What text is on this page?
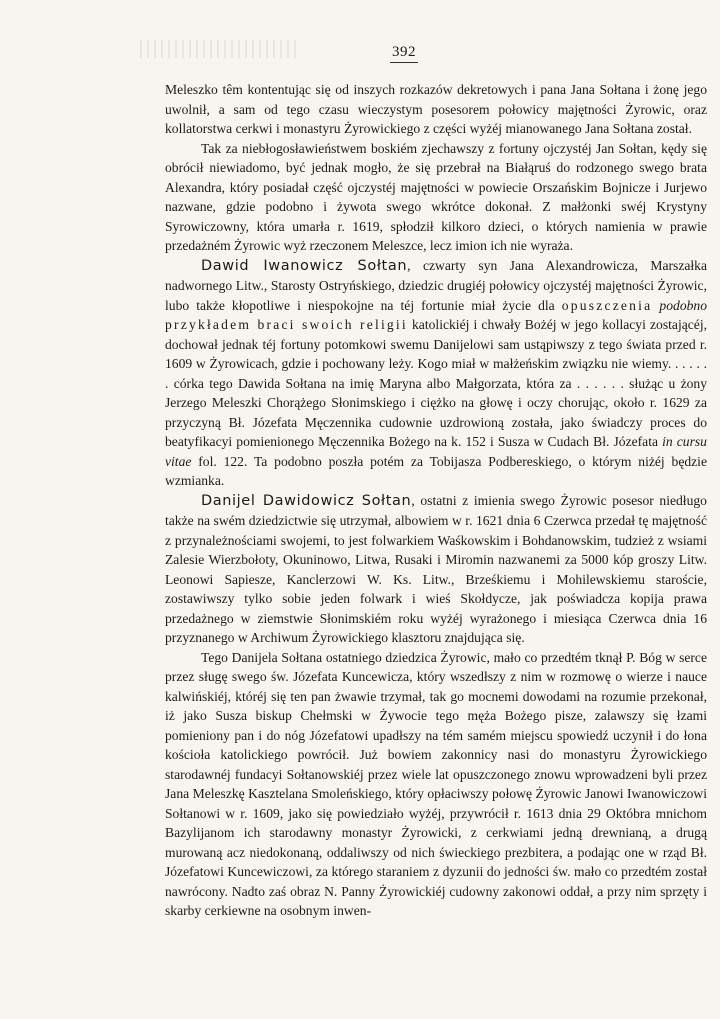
392

Meleszko têm kontentując się od inszych rozkazów dekretowych i pana Jana Sołtana i żonę jego uwolnił, a sam od tego czasu wieczystym posesorem połowicy majętności Żyrowic, oraz kollatorstwa cerkwi i monastyru Żyrowickiego z części wyżéj mianowanego Jana Sołtana został.

Tak za niebłogosławieństwem boskiém zjechawszy z fortuny ojczystéj Jan Sołtan, kędy się obrócił niewiadomo, być jednak mogło, że się przebrał na Białąruś do rodzonego swego brata Alexandra, który posiadał część ojczystéj majętności w powiecie Orszańskim Bojnicze i Jurjewo nazwane, gdzie podobno i żywota swego wkrótce dokonał. Z małżonki swéj Krystyny Syrowiczowny, która umarła r. 1619, spłodził kilkoro dzieci, o których namienia w prawie przedażném Żyrowic wyż rzeczonem Meleszce, lecz imion ich nie wyraża.

Dawid Iwanowicz Sołtan, czwarty syn Jana Alexandrowicza, Marszałka nadwornego Litw., Starosty Ostryńskiego, dziedzic drugiéj połowicy ojczystéj majętności Żyrowic, lubo także kłopotliwe i niespokojne na téj fortunie miał życie dla opuszczenia podobno przykładem braci swoich religii katolickiéj i chwały Bożéj w jego kollacyi zostającéj, dochował jednak téj fortuny potomkowi swemu Danijelowi sam ustąpiwszy z tego świata przed r. 1609 w Żyrowicach, gdzie i pochowany leży. Kogo miał w małżeńskim związku nie wiemy. . . . . . . córka tego Dawida Sołtana na imię Maryna albo Małgorzata, która za . . . . . . służąc u żony Jerzego Meleszki Chorążego Słonimskiego i ciężko na głowę i oczy chorując, około r. 1629 za przyczyną Bł. Józefata Męczennika cudownie uzdrowioną została, jako świadczy proces do beatyfikacyi pomienionego Męczennika Bożego na k. 152 i Susza w Cudach Bł. Józefata in cursu vitae fol. 122. Ta podobno poszła potém za Tobijasza Podbereskiego, o którym niżéj będzie wzmianka.

Danijel Dawidowicz Sołtan, ostatni z imienia swego Żyrowic posesor niedługo także na swém dziedzictwie się utrzymał, albowiem w r. 1621 dnia 6 Czerwca przedał tę majętność z przynależnościami swojemi, to jest folwarkiem Waśkowskim i Bohdanowskim, tudzież z wsiami Zalesie Wierzbołoty, Okuninowo, Litwa, Rusaki i Miromin nazwanemi za 5000 kóp groszy Litw. Leonowi Sapiesze, Kanclerzowi W. Ks. Litw., Brześkiemu i Mohilewskiemu staroście, zostawiwszy tylko sobie jeden folwark i wieś Skołdycze, jak poświadcza kopija prawa przedażnego w ziemstwie Słonimskiém roku wyżéj wyrażonego i miesiąca Czerwca dnia 16 przyznanego w Archiwum Żyrowickiego klasztoru znajdująca się.

Tego Danijela Sołtana ostatniego dziedzica Żyrowic, mało co przedtém tknął P. Bóg w serce przez sługę swego św. Józefata Kuncewicza, który wszedłszy z nim w rozmowę o wierze i nauce kalwińskiéj, któréj się ten pan żwawie trzymał, tak go mocnemi dowodami na rozumie przekonał, iż jako Susza biskup Chełmski w Żywocie tego męża Bożego pisze, zalawszy się łzami pomieniony pan i do nóg Józefatowi upadłszy na tém samém miejscu spowiedź uczynił i do łona kościoła katolickiego powrócił. Już bowiem zakonnicy nasi do monastyru Żyrowickiego starodawnéj fundacyi Sołtanowskiéj przez wiele lat opuszczonego znowu wprowadzeni byli przez Jana Meleszkę Kasztelana Smoleńskiego, który opłaciwszy połowę Żyrowic Janowi Iwanowiczowi Sołtanowi w r. 1609, jako się powiedziało wyżéj, przywrócił r. 1613 dnia 29 Októbra mnichom Bazylijanom ich starodawny monastyr Żyrowicki, z cerkwiami jedną drewnianą, a drugą murowaną acz niedokonaną, oddaliwszy od nich świeckiego prezbitera, a podając one w rząd Bł. Józefatowi Kuncewiczowi, za którego staraniem z dyzunii do jedności św. mało co przedtém został nawrócony. Nadto zaś obraz N. Panny Żyrowickiéj cudowny zakonowi oddał, a przy nim sprzęty i skarby cerkiewne na osobnym inwen-
